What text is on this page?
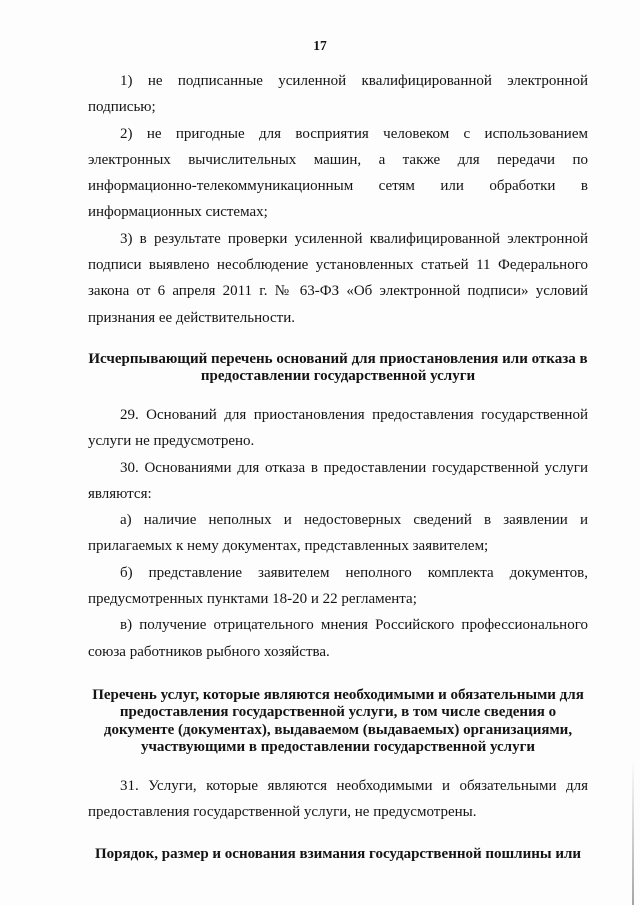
17

1) не подписанные усиленной квалифицированной электронной подписью;

2) не пригодные для восприятия человеком с использованием электронных вычислительных машин, а также для передачи по информационно-телекоммуникационным сетям или обработки в информационных системах;

3) в результате проверки усиленной квалифицированной электронной подписи выявлено несоблюдение установленных статьей 11 Федерального закона от 6 апреля 2011 г. № 63-ФЗ «Об электронной подписи» условий признания ее действительности.

Исчерпывающий перечень оснований для приостановления или отказа в предоставлении государственной услуги

29. Оснований для приостановления предоставления государственной услуги не предусмотрено.

30. Основаниями для отказа в предоставлении государственной услуги являются:

а) наличие неполных и недостоверных сведений в заявлении и прилагаемых к нему документах, представленных заявителем;

б) представление заявителем неполного комплекта документов, предусмотренных пунктами 18-20 и 22 регламента;

в) получение отрицательного мнения Российского профессионального союза работников рыбного хозяйства.

Перечень услуг, которые являются необходимыми и обязательными для предоставления государственной услуги, в том числе сведения о документе (документах), выдаваемом (выдаваемых) организациями, участвующими в предоставлении государственной услуги

31. Услуги, которые являются необходимыми и обязательными для предоставления государственной услуги, не предусмотрены.

Порядок, размер и основания взимания государственной пошлины или
